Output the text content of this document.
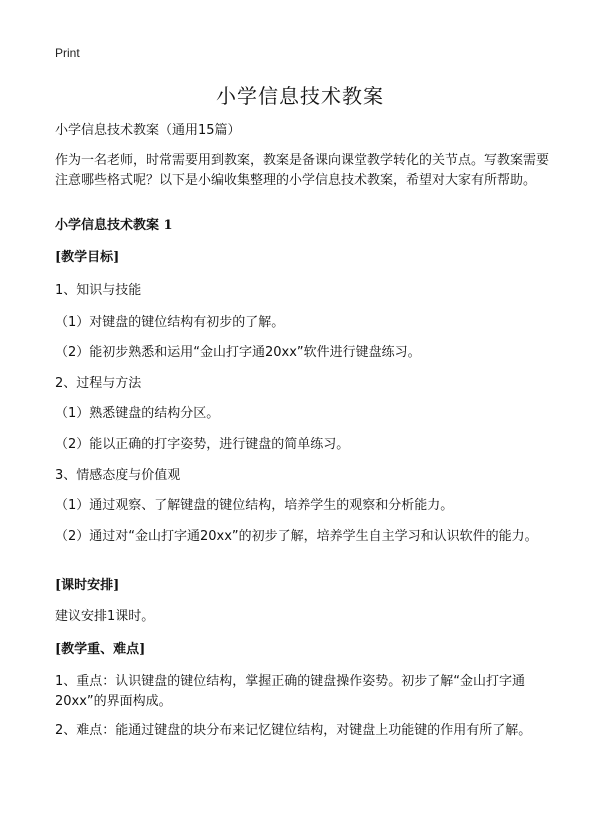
Print
小学信息技术教案
小学信息技术教案（通用15篇）
作为一名老师，时常需要用到教案，教案是备课向课堂教学转化的关节点。写教案需要注意哪些格式呢？以下是小编收集整理的小学信息技术教案，希望对大家有所帮助。
小学信息技术教案 1
[教学目标]
1、知识与技能
（1）对键盘的键位结构有初步的了解。
（2）能初步熟悉和运用“金山打字通20xx”软件进行键盘练习。
2、过程与方法
（1）熟悉键盘的结构分区。
（2）能以正确的打字姿势，进行键盘的简单练习。
3、情感态度与价值观
（1）通过观察、了解键盘的键位结构，培养学生的观察和分析能力。
（2）通过对“金山打字通20xx”的初步了解，培养学生自主学习和认识软件的能力。
[课时安排]
建议安排1课时。
[教学重、难点]
1、重点：认识键盘的键位结构，掌握正确的键盘操作姿势。初步了解“金山打字通20xx”的界面构成。
2、难点：能通过键盘的块分布来记忆键位结构，对键盘上功能键的作用有所了解。
